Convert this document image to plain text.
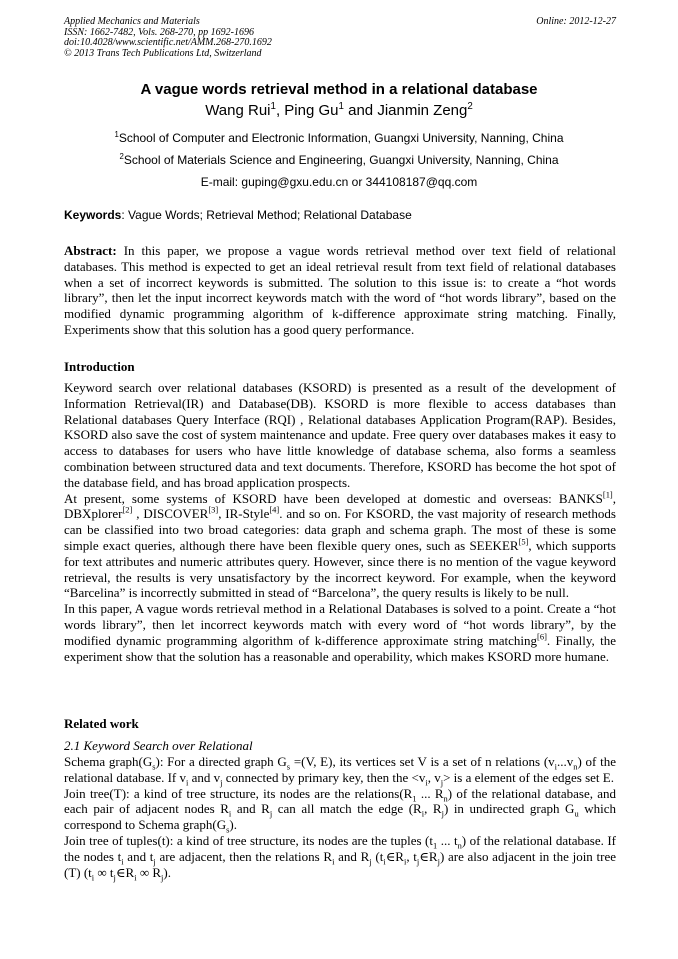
Applied Mechanics and Materials
ISSN: 1662-7482, Vols. 268-270, pp 1692-1696
doi:10.4028/www.scientific.net/AMM.268-270.1692
© 2013 Trans Tech Publications Ltd, Switzerland
Online: 2012-12-27
A vague words retrieval method in a relational database
Wang Rui$^1$, Ping Gu$^1$ and Jianmin Zeng$^2$
$^1$School of Computer and Electronic Information, Guangxi University, Nanning, China
$^2$School of Materials Science and Engineering, Guangxi University, Nanning, China
E-mail: guping@gxu.edu.cn or 344108187@qq.com
Keywords: Vague Words; Retrieval Method; Relational Database

Abstract: In this paper, we propose a vague words retrieval method over text field of relational databases. This method is expected to get an ideal retrieval result from text field of relational databases when a set of incorrect keywords is submitted. The solution to this issue is: to create a “hot words library”, then let the input incorrect keywords match with the word of “hot words library”, based on the modified dynamic programming algorithm of k-difference approximate string matching. Finally, Experiments show that this solution has a good query performance.

Introduction

Keyword search over relational databases (KSORD) is presented as a result of the development of Information Retrieval(IR) and Database(DB). KSORD is more flexible to access databases than Relational databases Query Interface (RQI) , Relational databases Application Program(RAP). Besides, KSORD also save the cost of system maintenance and update. Free query over databases makes it easy to access to databases for users who have little knowledge of database schema, also forms a seamless combination between structured data and text documents. Therefore, KSORD has become the hot spot of the database field, and has broad application prospects.

At present, some systems of KSORD have been developed at domestic and overseas: BANKS[1], DBXplorer[2] , DISCOVER[3], IR-Style[4]. and so on. For KSORD, the vast majority of research methods can be classified into two broad categories: data graph and schema graph. The most of these is some simple exact queries, although there have been flexible query ones, such as SEEKER[5], which supports for text attributes and numeric attributes query. However, since there is no mention of the vague keyword retrieval, the results is very unsatisfactory by the incorrect keyword. For example, when the keyword “Barcelina” is incorrectly submitted in stead of “Barcelona”, the query results is likely to be null.

In this paper, A vague words retrieval method in a Relational Databases is solved to a point. Create a “hot words library”, then let incorrect keywords match with every word of “hot words library”, by the modified dynamic programming algorithm of k-difference approximate string matching[6]. Finally, the experiment show that the solution has a reasonable and operability, which makes KSORD more humane.

Related work
2.1 Keyword Search over Relational

Schema $graph(G_s)$: For a directed graph $G_s =(V$, E), its vertices set V is a set of n relations $(v_i...v_n)$ of the relational database. If $v_i$ and $v_j$ connected by primary key, then the $<v_i$, $v_j>$ is a element of the edges set E.

Join tree(T): a kind of tree structure, its nodes are the $relations(R_1$ ... $R_n$) of the relational database, and each pair of adjacent nodes $R_i$ and $R_j$ can all match the edge ($R_i$, $R_j$) in undirected graph $G_u$ which correspond to Schema $graph(G_s)$.

Join tree of tuples(t): a kind of tree structure, its nodes are the tuples ($t_1$ ... $t_n$) of the relational database. If the nodes $t_i$ and $t_j$ are adjacent, then the relations $R_i$ and $R_j$ ($t_i\in R_i$, $t_j\in R_j$) are also adjacent in the join tree (T) ($t_i$ ∞ $t_j\in R_i$ ∞ $R_j$).
